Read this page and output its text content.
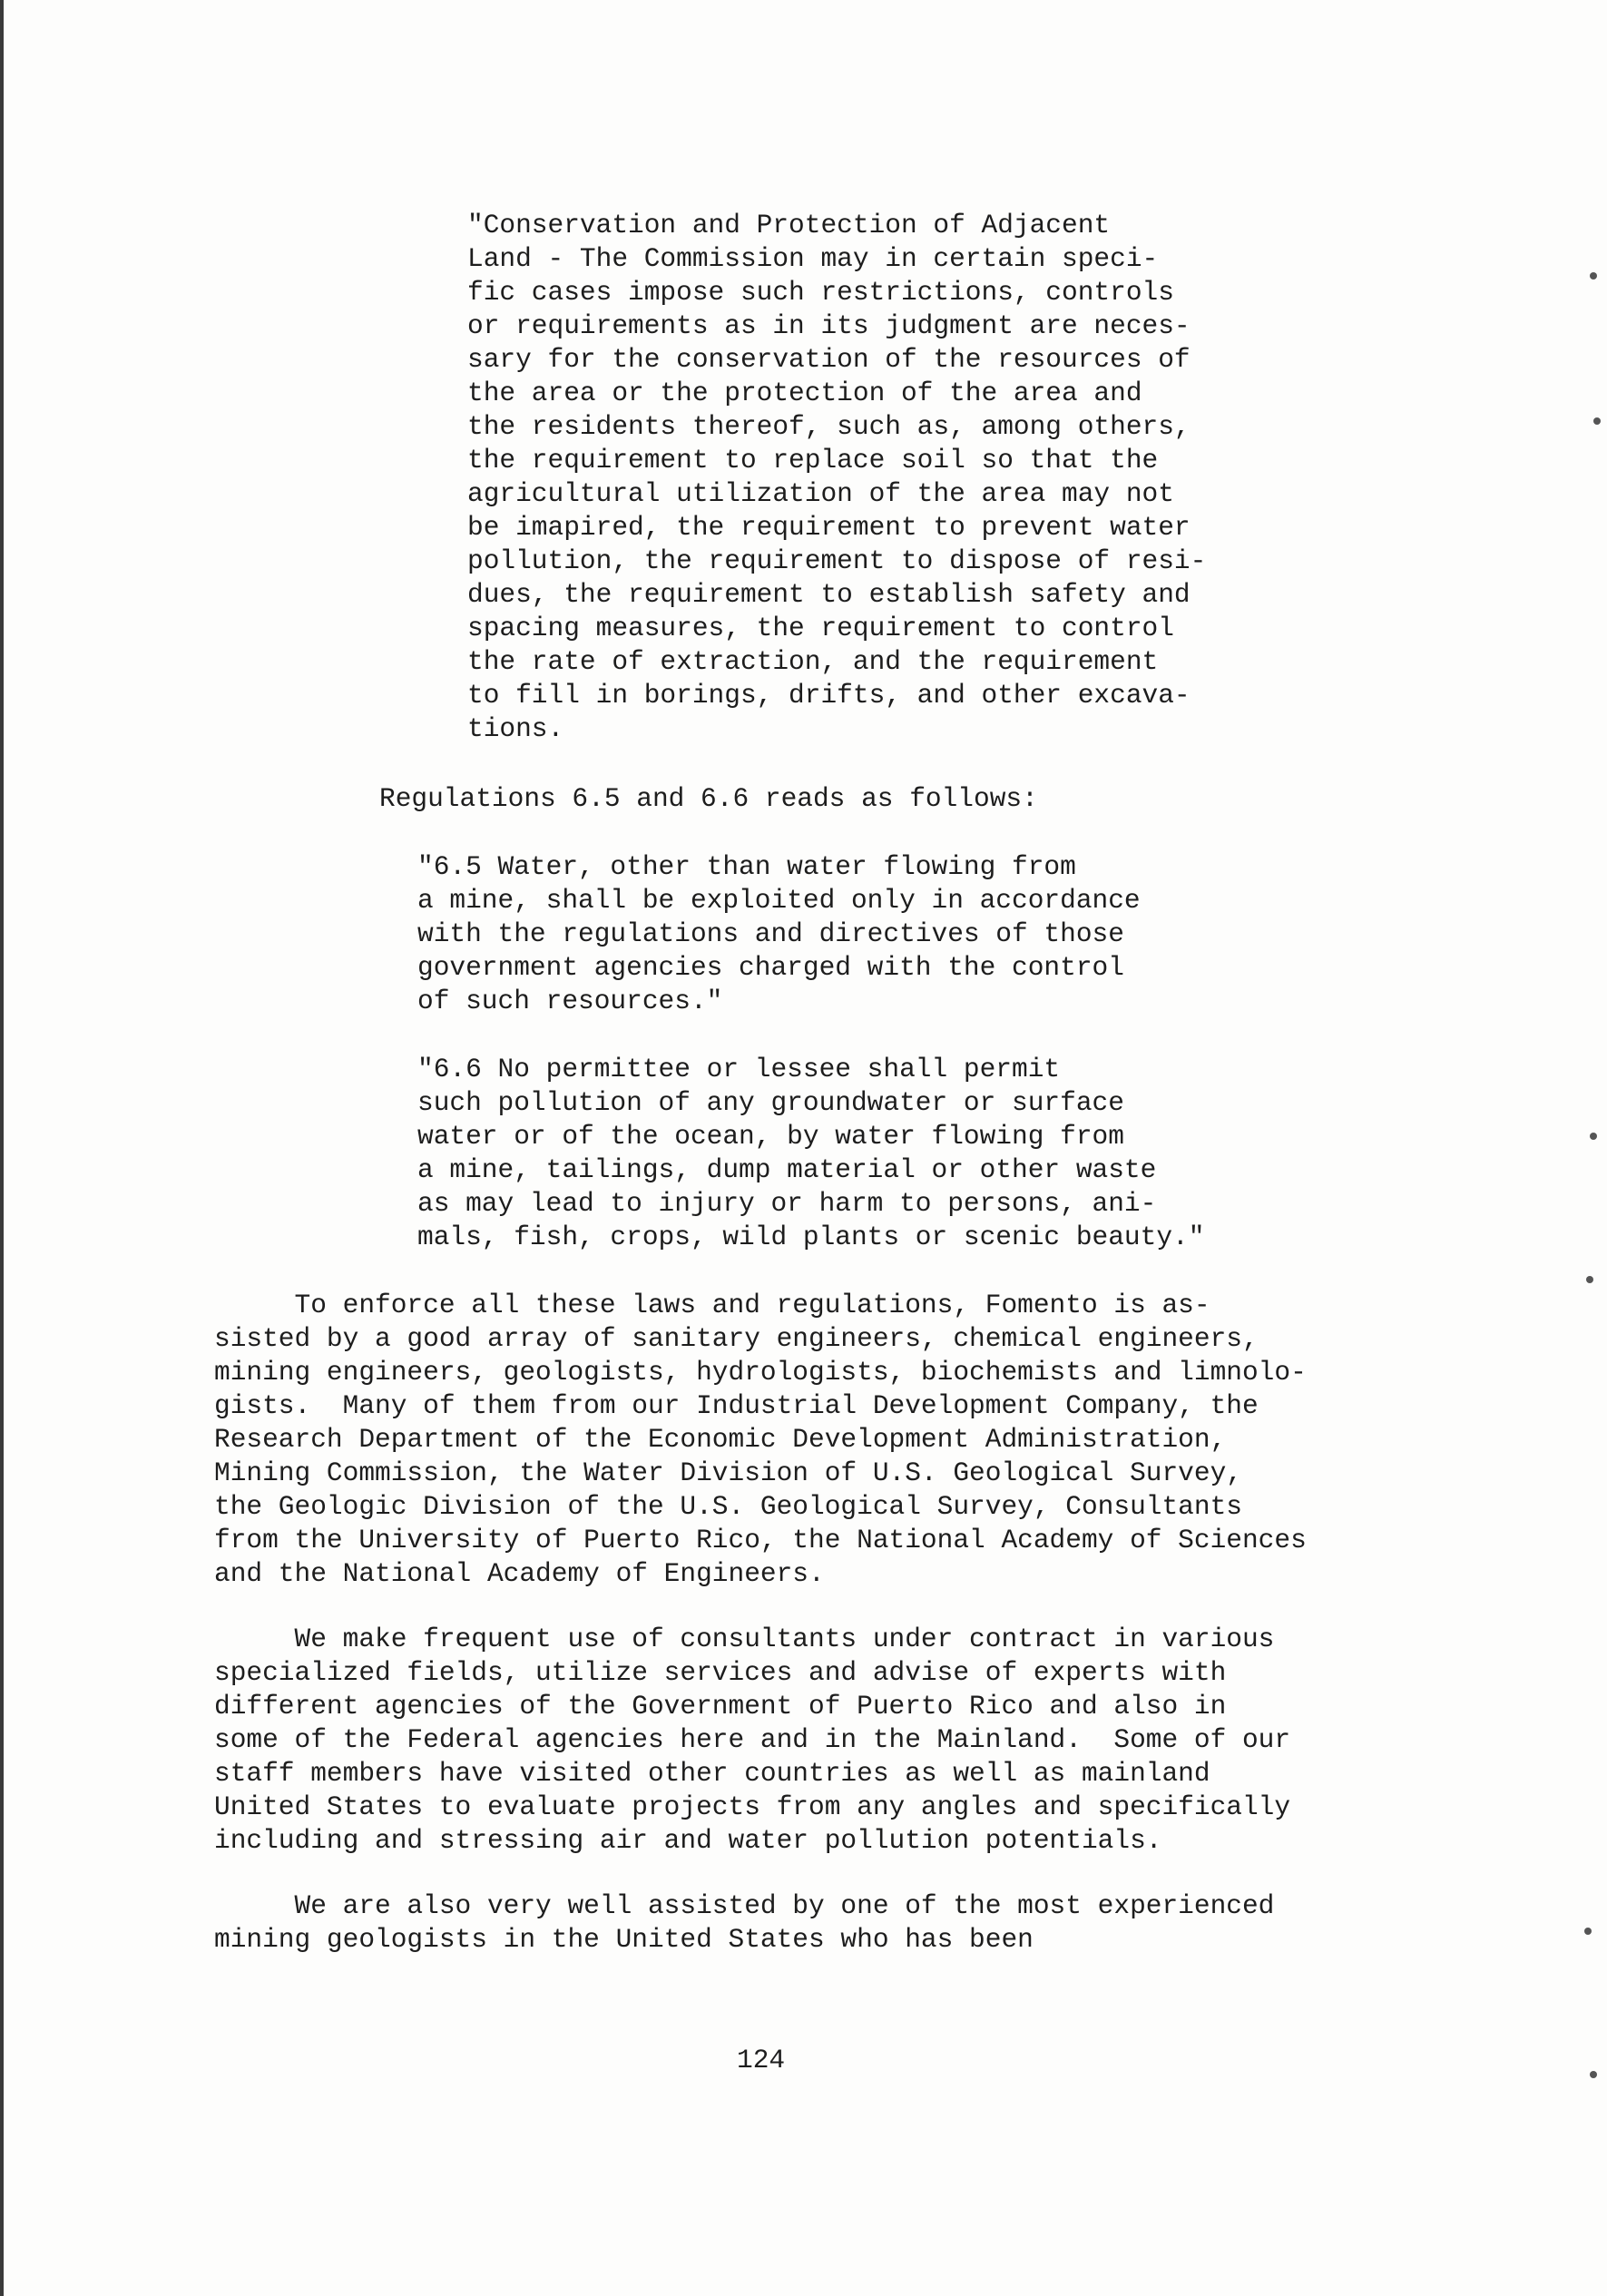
"Conservation and Protection of Adjacent
Land - The Commission may in certain speci-
fic cases impose such restrictions, controls
or requirements as in its judgment are neces-
sary for the conservation of the resources of
the area or the protection of the area and
the residents thereof, such as, among others,
the requirement to replace soil so that the
agricultural utilization of the area may not
be imapired, the requirement to prevent water
pollution, the requirement to dispose of resi-
dues, the requirement to establish safety and
spacing measures, the requirement to control
the rate of extraction, and the requirement
to fill in borings, drifts, and other excava-
tions.
Regulations 6.5 and 6.6 reads as follows:
"6.5 Water, other than water flowing from
a mine, shall be exploited only in accordance
with the regulations and directives of those
government agencies charged with the control
of such resources."
"6.6 No permittee or lessee shall permit
such pollution of any groundwater or surface
water or of the ocean, by water flowing from
a mine, tailings, dump material or other waste
as may lead to injury or harm to persons, ani-
mals, fish, crops, wild plants or scenic beauty."
To enforce all these laws and regulations, Fomento is as-
sisted by a good array of sanitary engineers, chemical engineers,
mining engineers, geologists, hydrologists, biochemists and limnolo-
gists.  Many of them from our Industrial Development Company, the
Research Department of the Economic Development Administration,
Mining Commission, the Water Division of U.S. Geological Survey,
the Geologic Division of the U.S. Geological Survey, Consultants
from the University of Puerto Rico, the National Academy of Sciences
and the National Academy of Engineers.
We make frequent use of consultants under contract in various
specialized fields, utilize services and advise of experts with
different agencies of the Government of Puerto Rico and also in
some of the Federal agencies here and in the Mainland.  Some of our
staff members have visited other countries as well as mainland
United States to evaluate projects from any angles and specifically
including and stressing air and water pollution potentials.
We are also very well assisted by one of the most experienced
mining geologists in the United States who has been
124
